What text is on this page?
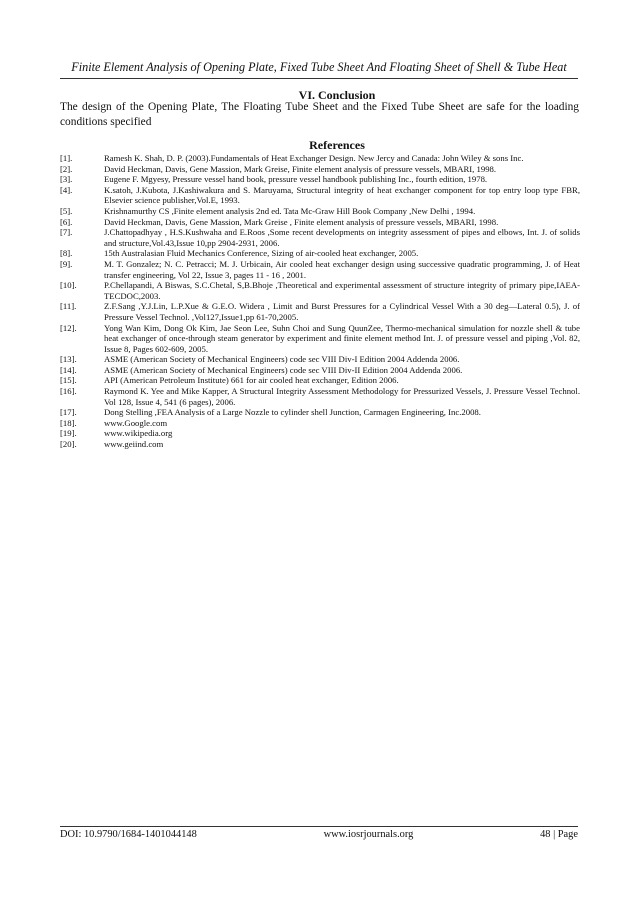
Finite Element Analysis of Opening Plate, Fixed Tube Sheet And Floating Sheet of Shell & Tube Heat
VI. Conclusion
The design of the Opening Plate, The Floating Tube Sheet and the Fixed Tube Sheet are safe for the loading conditions specified
References
[1].	Ramesh K. Shah, D. P. (2003).Fundamentals of Heat Exchanger Design. New Jercy and Canada: John Wiley & sons Inc.
[2].	David Heckman, Davis, Gene Massion, Mark Greise, Finite element analysis of pressure vessels, MBARI, 1998.
[3].	Eugene F. Mgyesy, Pressure vessel hand book, pressure vessel handbook publishing Inc., fourth edition, 1978.
[4].	K.satoh, J.Kubota, J.Kashiwakura and S. Maruyama, Structural integrity of heat exchanger component for top entry loop type FBR, Elsevier science publisher,Vol.E, 1993.
[5].	Krishnamurthy CS ,Finite element analysis 2nd ed. Tata Mc-Graw Hill Book Company ,New Delhi , 1994.
[6].	David Heckman, Davis, Gene Massion, Mark Greise , Finite element analysis of pressure vessels, MBARI, 1998.
[7].	J.Chattopadhyay , H.S.Kushwaha and E.Roos ,Some recent developments on integrity assessment of pipes and elbows, Int. J. of solids and structure,Vol.43,Issue 10,pp 2904-2931, 2006.
[8].	15th Australasian Fluid Mechanics Conference, Sizing of air-cooled heat exchanger, 2005.
[9].	M. T. Gonzalez; N. C. Petracci; M. J. Urbicain, Air cooled heat exchanger design using successive quadratic programming, J. of Heat transfer engineering, Vol 22, Issue 3, pages 11 - 16 , 2001.
[10].	P.Chellapandi, A Biswas, S.C.Chetal, S,B.Bhoje ,Theoretical and experimental assessment of structure integrity of primary pipe,IAEA-TECDOC,2003.
[11].	Z.F.Sang ,Y.J.Lin, L.P.Xue & G.E.O. Widera , Limit and Burst Pressures for a Cylindrical Vessel With a 30 deg—Lateral 0.5), J. of Pressure Vessel Technol. ,Vol127,Issue1,pp 61-70,2005.
[12].	Yong Wan Kim, Dong Ok Kim, Jae Seon Lee, Suhn Choi and Sung QuunZee, Thermo-mechanical simulation for nozzle shell & tube heat exchanger of once-through steam generator by experiment and finite element method Int. J. of pressure vessel and piping ,Vol. 82, Issue 8, Pages 602-609, 2005.
[13].	ASME (American Society of Mechanical Engineers) code sec VIII Div-I Edition 2004 Addenda 2006.
[14].	ASME (American Society of Mechanical Engineers) code sec VIII Div-II Edition 2004 Addenda 2006.
[15].	API (American Petroleum Institute) 661 for air cooled heat exchanger, Edition 2006.
[16].	Raymond K. Yee and Mike Kapper, A Structural Integrity Assessment Methodology for Pressurized Vessels, J. Pressure Vessel Technol. Vol 128, Issue 4, 541 (6 pages), 2006.
[17].	Dong Stelling ,FEA Analysis of a Large Nozzle to cylinder shell Junction, Carmagen Engineering, Inc.2008.
[18].	www.Google.com
[19].	www.wikipedia.org
[20].	www.geiind.com
DOI: 10.9790/1684-1401044148	www.iosrjournals.org	48 | Page
